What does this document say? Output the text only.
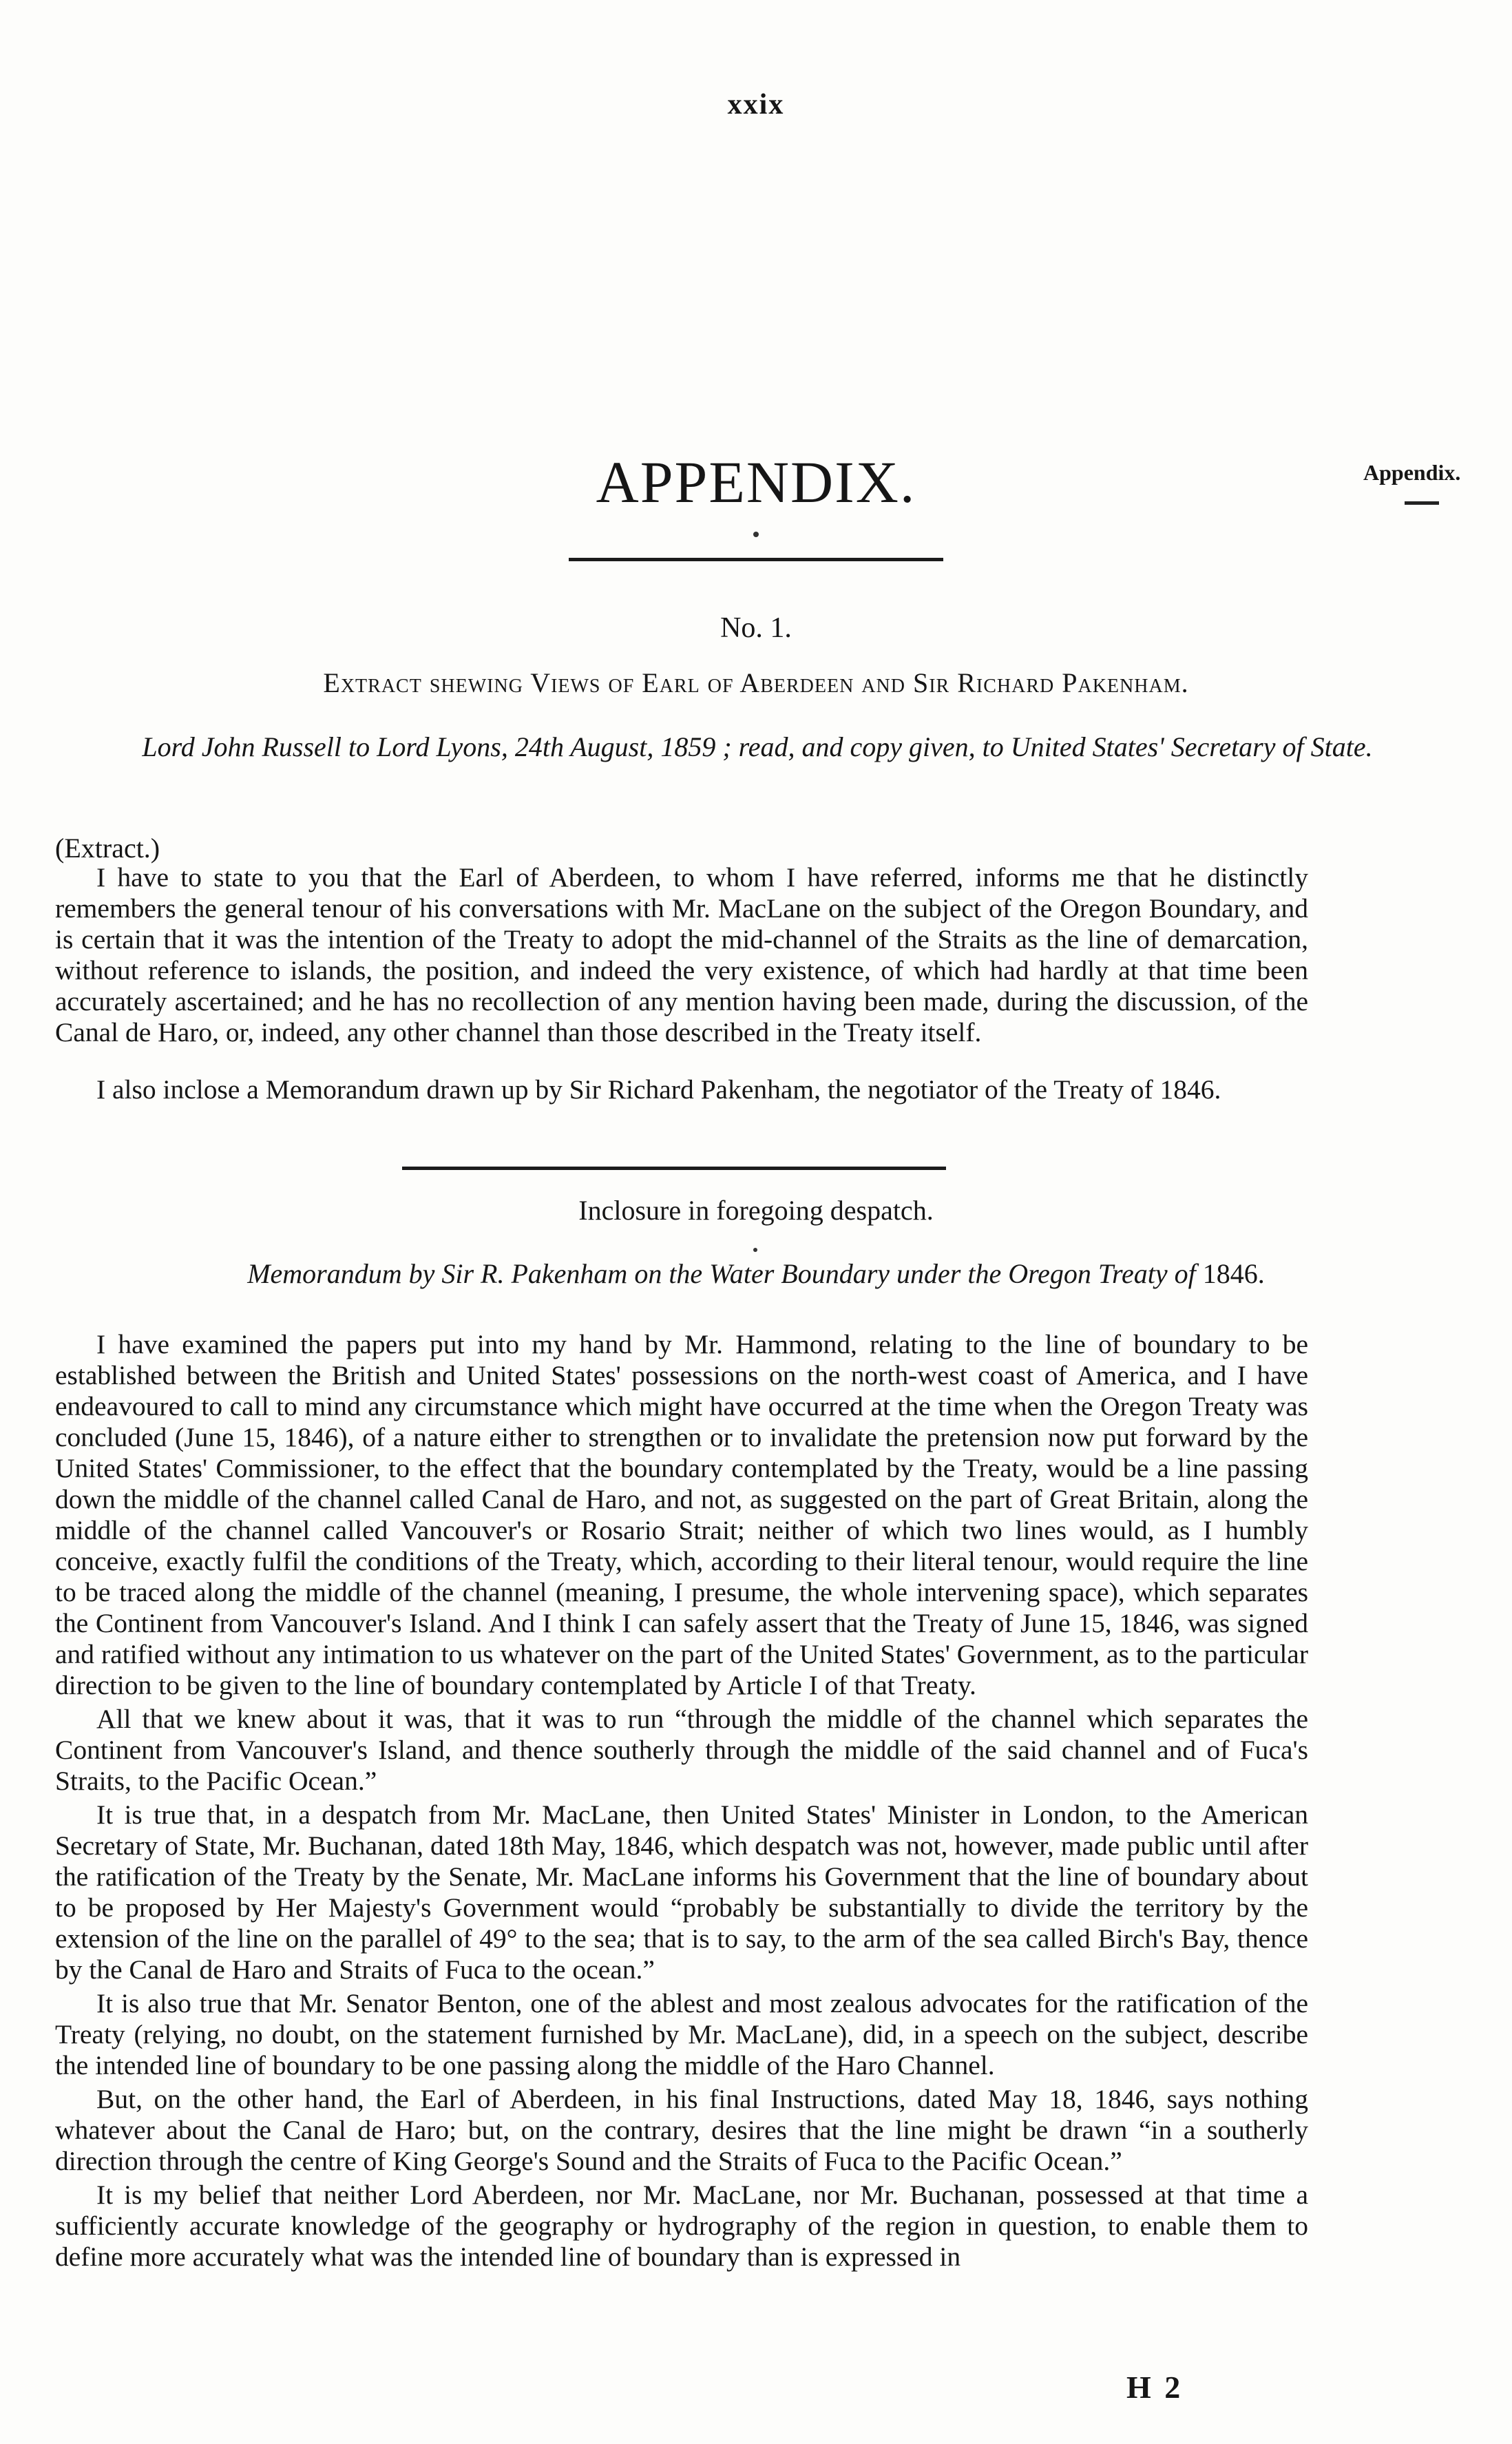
xxix
APPENDIX.	Appendix.
No. 1.
Extract shewing Views of Earl of Aberdeen and Sir Richard Pakenham.
Lord John Russell to Lord Lyons, 24th August, 1859 ; read, and copy given, to United States' Secretary of State.
(Extract.)
I have to state to you that the Earl of Aberdeen, to whom I have referred, informs me that he distinctly remembers the general tenour of his conversations with Mr. MacLane on the subject of the Oregon Boundary, and is certain that it was the intention of the Treaty to adopt the mid-channel of the Straits as the line of demarcation, without reference to islands, the position, and indeed the very existence, of which had hardly at that time been accurately ascertained; and he has no recollection of any mention having been made, during the discussion, of the Canal de Haro, or, indeed, any other channel than those described in the Treaty itself.
I also inclose a Memorandum drawn up by Sir Richard Pakenham, the negotiator of the Treaty of 1846.
Inclosure in foregoing despatch.
Memorandum by Sir R. Pakenham on the Water Boundary under the Oregon Treaty of 1846.

I have examined the papers put into my hand by Mr. Hammond, relating to the line of boundary to be established between the British and United States' possessions on the north-west coast of America, and I have endeavoured to call to mind any circumstance which might have occurred at the time when the Oregon Treaty was concluded (June 15, 1846), of a nature either to strengthen or to invalidate the pretension now put forward by the United States' Commissioner, to the effect that the boundary contemplated by the Treaty, would be a line passing down the middle of the channel called Canal de Haro, and not, as suggested on the part of Great Britain, along the middle of the channel called Vancouver's or Rosario Strait; neither of which two lines would, as I humbly conceive, exactly fulfil the conditions of the Treaty, which, according to their literal tenour, would require the line to be traced along the middle of the channel (meaning, I presume, the whole intervening space), which separates the Continent from Vancouver's Island. And I think I can safely assert that the Treaty of June 15, 1846, was signed and ratified without any intimation to us whatever on the part of the United States' Government, as to the particular direction to be given to the line of boundary contemplated by Article I of that Treaty.

All that we knew about it was, that it was to run “through the middle of the channel which separates the Continent from Vancouver's Island, and thence southerly through the middle of the said channel and of Fuca's Straits, to the Pacific Ocean.”

It is true that, in a despatch from Mr. MacLane, then United States' Minister in London, to the American Secretary of State, Mr. Buchanan, dated 18th May, 1846, which despatch was not, however, made public until after the ratification of the Treaty by the Senate, Mr. MacLane informs his Government that the line of boundary about to be proposed by Her Majesty's Government would “probably be substantially to divide the territory by the extension of the line on the parallel of 49° to the sea; that is to say, to the arm of the sea called Birch's Bay, thence by the Canal de Haro and Straits of Fuca to the ocean.”

It is also true that Mr. Senator Benton, one of the ablest and most zealous advocates for the ratification of the Treaty (relying, no doubt, on the statement furnished by Mr. MacLane), did, in a speech on the subject, describe the intended line of boundary to be one passing along the middle of the Haro Channel.

But, on the other hand, the Earl of Aberdeen, in his final Instructions, dated May 18, 1846, says nothing whatever about the Canal de Haro; but, on the contrary, desires that the line might be drawn “in a southerly direction through the centre of King George's Sound and the Straits of Fuca to the Pacific Ocean.”

It is my belief that neither Lord Aberdeen, nor Mr. MacLane, nor Mr. Buchanan, possessed at that time a sufficiently accurate knowledge of the geography or hydrography of the region in question, to enable them to define more accurately what was the intended line of boundary than is expressed in

H 2
